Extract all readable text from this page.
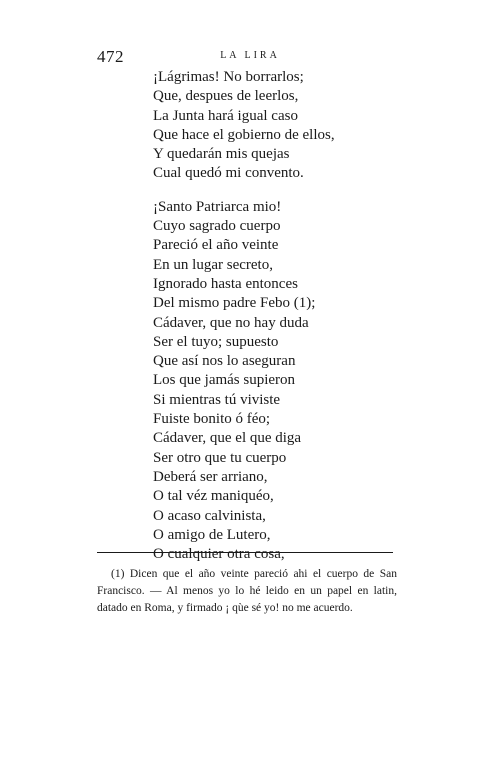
472	LA LIRA
¡Lágrimas! No borrarlos;
Que, despues de leerlos,
La Junta hará igual caso
Que hace el gobierno de ellos,
Y quedarán mis quejas
Cual quedó mi convento.
¡Santo Patriarca mio!
Cuyo sagrado cuerpo
Pareció el año veinte
En un lugar secreto,
Ignorado hasta entonces
Del mismo padre Febo (1);
Cádaver, que no hay duda
Ser el tuyo; supuesto
Que así nos lo aseguran
Los que jamás supieron
Si mientras tú viviste
Fuiste bonito ó féo;
Cádaver, que el que diga
Ser otro que tu cuerpo
Deberá ser arriano,
O tal véz maniquéo,
O acaso calvinista,
O amigo de Lutero,
O cualquier otra cosa,

(1) Dicen que el año veinte pareció ahi el cuerpo de San Francisco. — Al menos yo lo hé leido en un papel en latin, datado en Roma, y firmado ¡ qùe sé yo! no me acuerdo.
